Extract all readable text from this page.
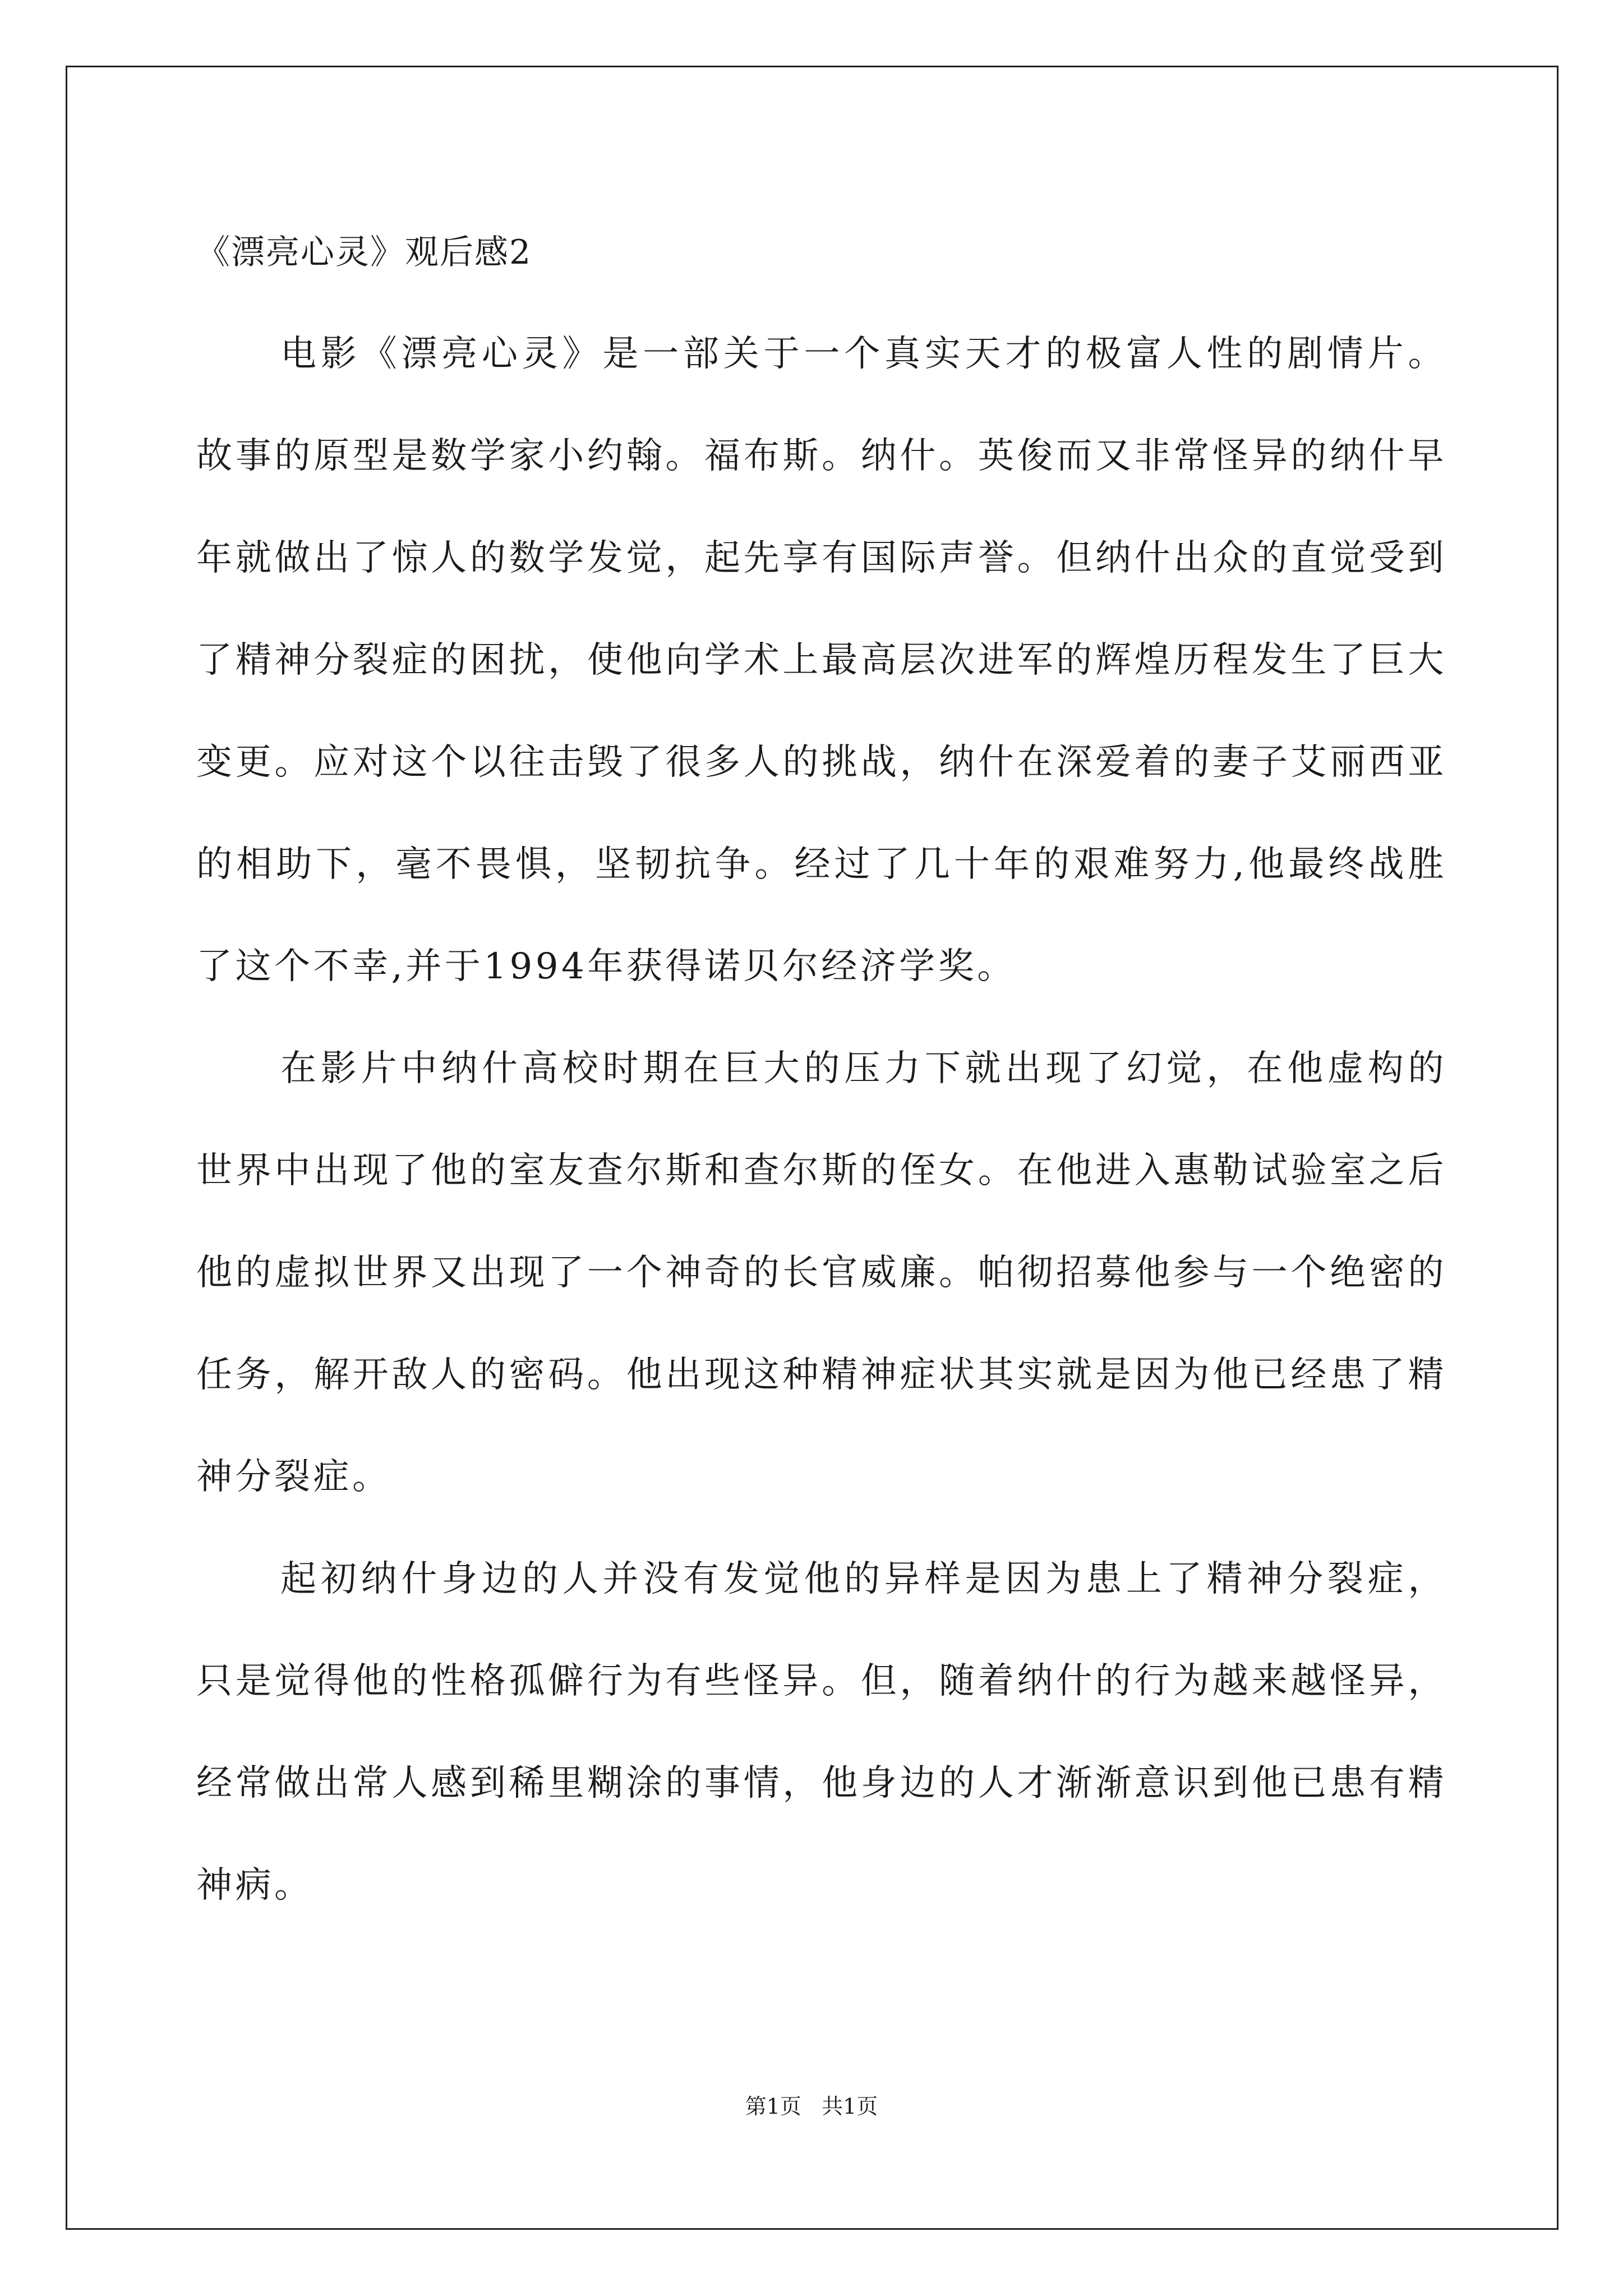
《漂亮心灵》观后感2

电影《漂亮心灵》是一部关于一个真实天才的极富人性的剧情片。故事的原型是数学家小约翰。福布斯。纳什。英俊而又非常怪异的纳什早年就做出了惊人的数学发觉，起先享有国际声誉。但纳什出众的直觉受到了精神分裂症的困扰，使他向学术上最高层次进军的辉煌历程发生了巨大变更。应对这个以往击毁了很多人的挑战，纳什在深爱着的妻子艾丽西亚的相助下，毫不畏惧，坚韧抗争。经过了几十年的艰难努力,他最终战胜了这个不幸,并于1994年获得诺贝尔经济学奖。

在影片中纳什高校时期在巨大的压力下就出现了幻觉，在他虚构的世界中出现了他的室友查尔斯和查尔斯的侄女。在他进入惠勒试验室之后他的虚拟世界又出现了一个神奇的长官威廉。帕彻招募他参与一个绝密的任务，解开敌人的密码。他出现这种精神症状其实就是因为他已经患了精神分裂症。

起初纳什身边的人并没有发觉他的异样是因为患上了精神分裂症，只是觉得他的性格孤僻行为有些怪异。但，随着纳什的行为越来越怪异，经常做出常人感到稀里糊涂的事情，他身边的人才渐渐意识到他已患有精神病。

第1页   共1页
